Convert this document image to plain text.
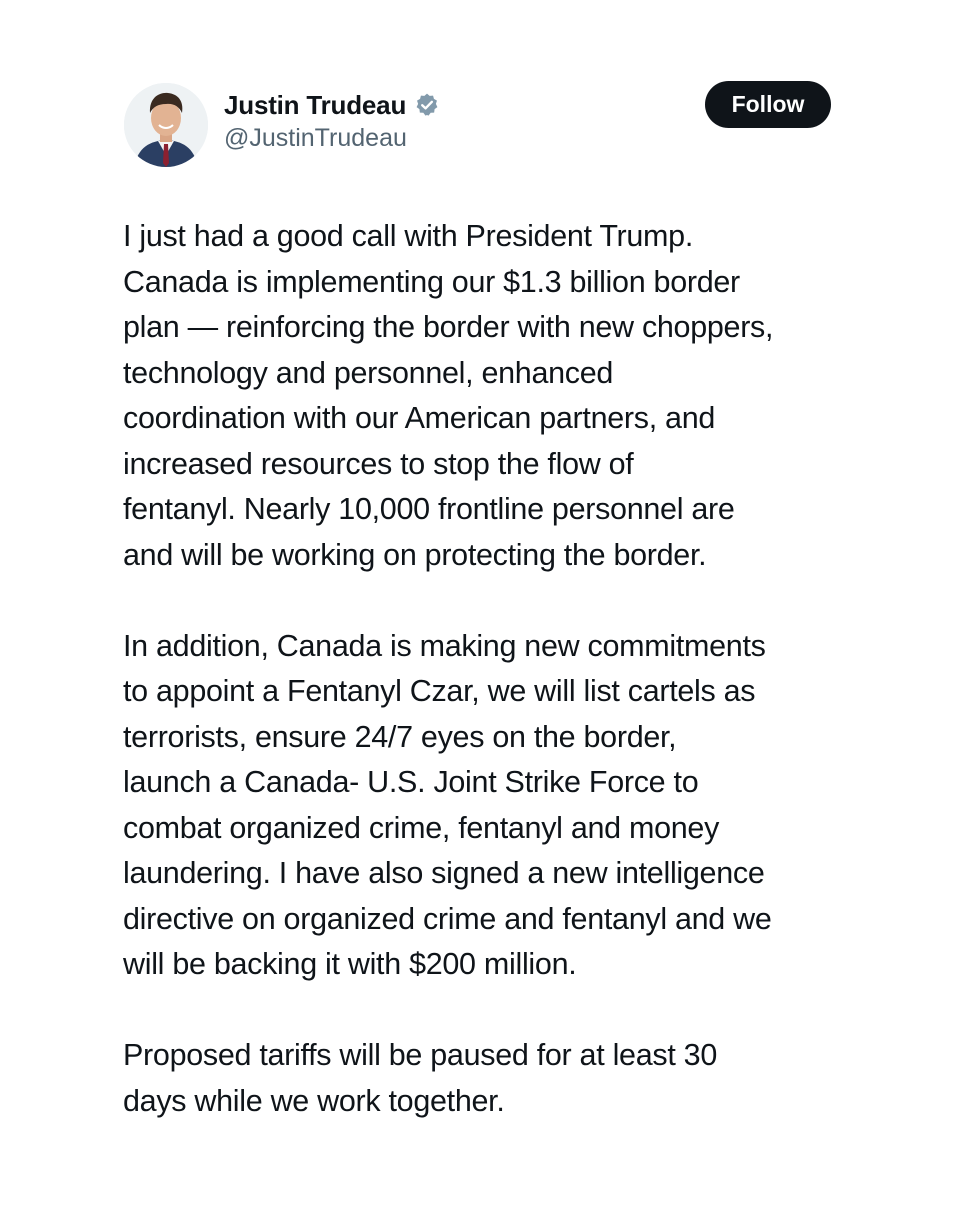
Justin Trudeau
@JustinTrudeau
Follow

I just had a good call with President Trump.
Canada is implementing our $1.3 billion border
plan — reinforcing the border with new choppers,
technology and personnel, enhanced
coordination with our American partners, and
increased resources to stop the flow of
fentanyl. Nearly 10,000 frontline personnel are
and will be working on protecting the border.

In addition, Canada is making new commitments
to appoint a Fentanyl Czar, we will list cartels as
terrorists, ensure 24/7 eyes on the border,
launch a Canada- U.S. Joint Strike Force to
combat organized crime, fentanyl and money
laundering. I have also signed a new intelligence
directive on organized crime and fentanyl and we
will be backing it with $200 million.

Proposed tariffs will be paused for at least 30
days while we work together.
